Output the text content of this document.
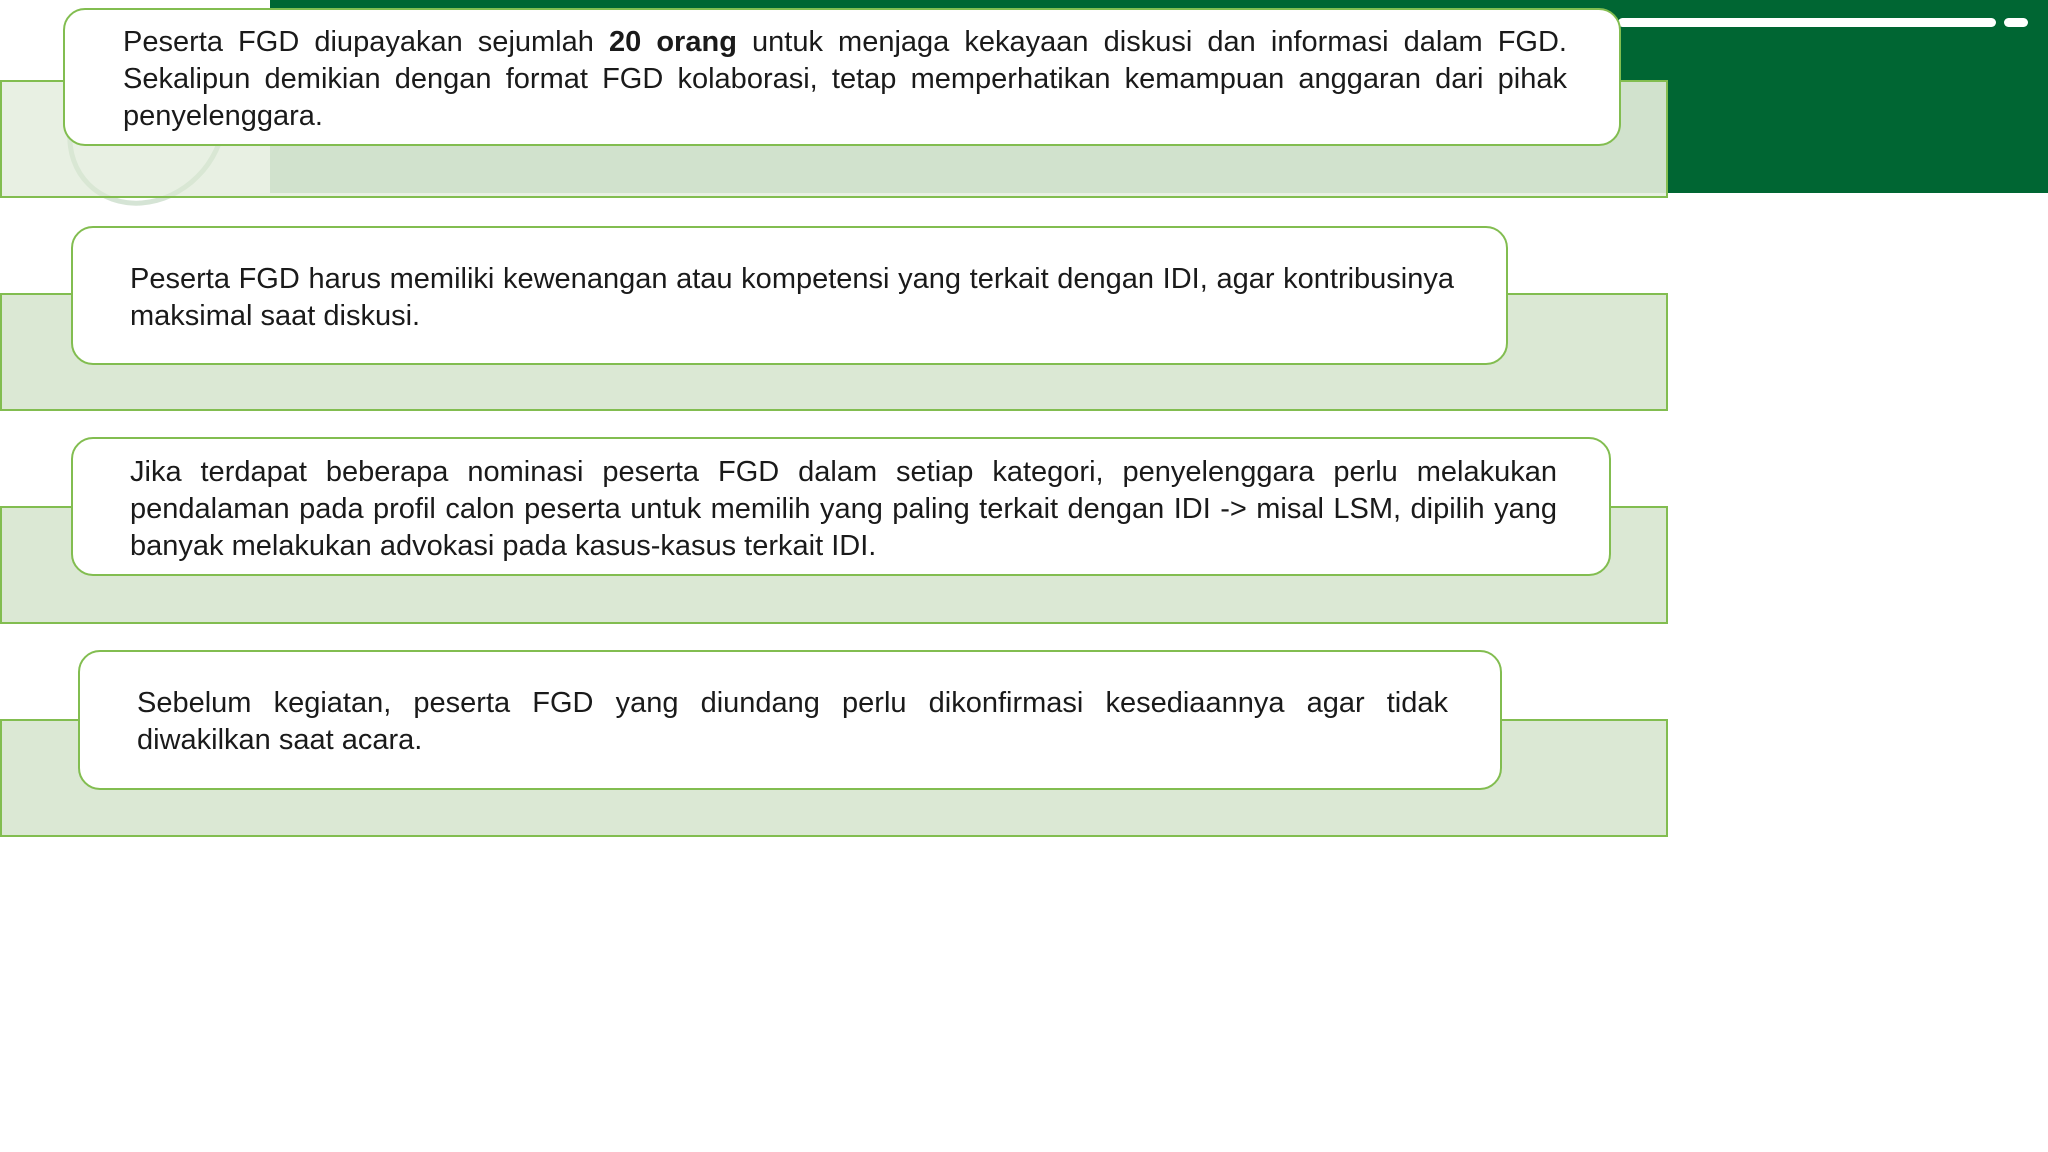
Peserta FGD diupayakan sejumlah 20 orang untuk menjaga kekayaan diskusi dan informasi dalam FGD. Sekalipun demikian dengan format FGD kolaborasi, tetap memperhatikan kemampuan anggaran dari pihak penyelenggara.

Peserta FGD harus memiliki kewenangan atau kompetensi yang terkait dengan IDI, agar kontribusinya maksimal saat diskusi.

Jika terdapat beberapa nominasi peserta FGD dalam setiap kategori, penyelenggara perlu melakukan pendalaman pada profil calon peserta untuk memilih yang paling terkait dengan IDI -> misal LSM, dipilih yang banyak melakukan advokasi pada kasus-kasus terkait IDI.

Sebelum kegiatan, peserta FGD yang diundang perlu dikonfirmasi kesediaannya agar tidak diwakilkan saat acara.
